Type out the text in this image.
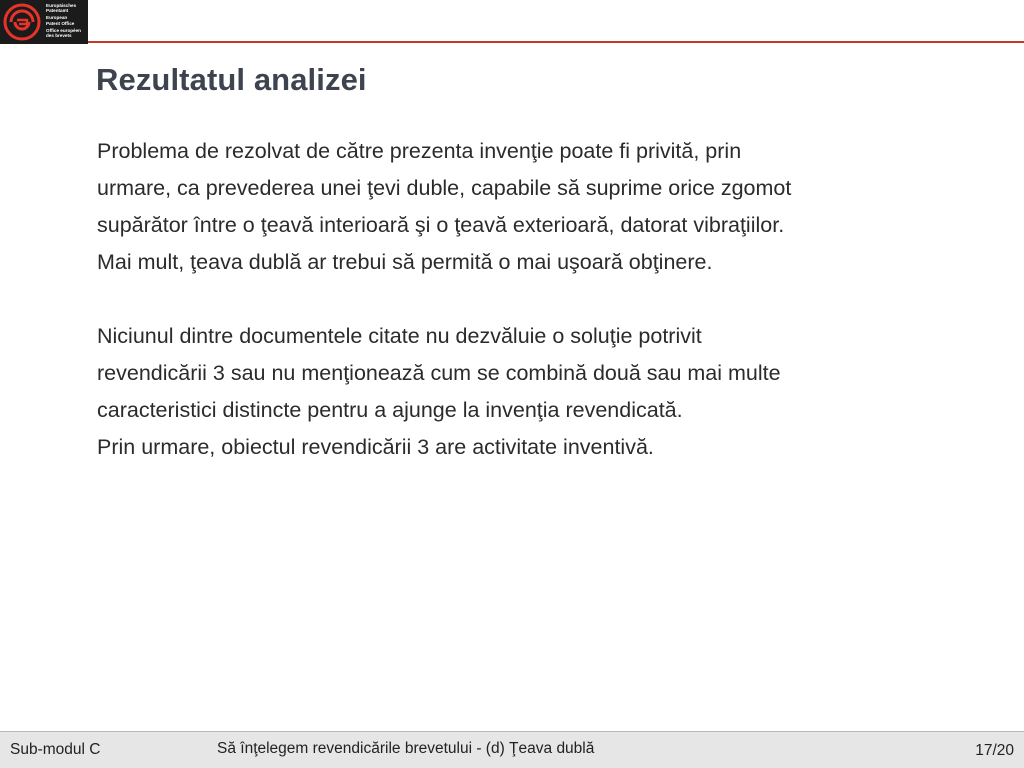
Europäisches
Patentamt
European
Patent Office
Office européen
des brevets
Rezultatul analizei

Problema de rezolvat de către prezenta invenţie poate fi privită, prin

urmare, ca prevederea unei ţevi duble, capabile să suprime orice zgomot

supărător între o ţeavă interioară şi o ţeavă exterioară, datorat vibraţiilor.

Mai mult, ţeava dublă ar trebui să permită o mai uşoară obţinere.

Niciunul dintre documentele citate nu dezvăluie o soluţie potrivit

revendicării 3 sau nu menţionează cum se combină două sau mai multe

caracteristici distincte pentru a ajunge la invenţia revendicată.

Prin urmare, obiectul revendicării 3 are activitate inventivă.

Sub-modul C	Să înţelegem revendicările brevetului - (d) Ţeava dublă	17/20
